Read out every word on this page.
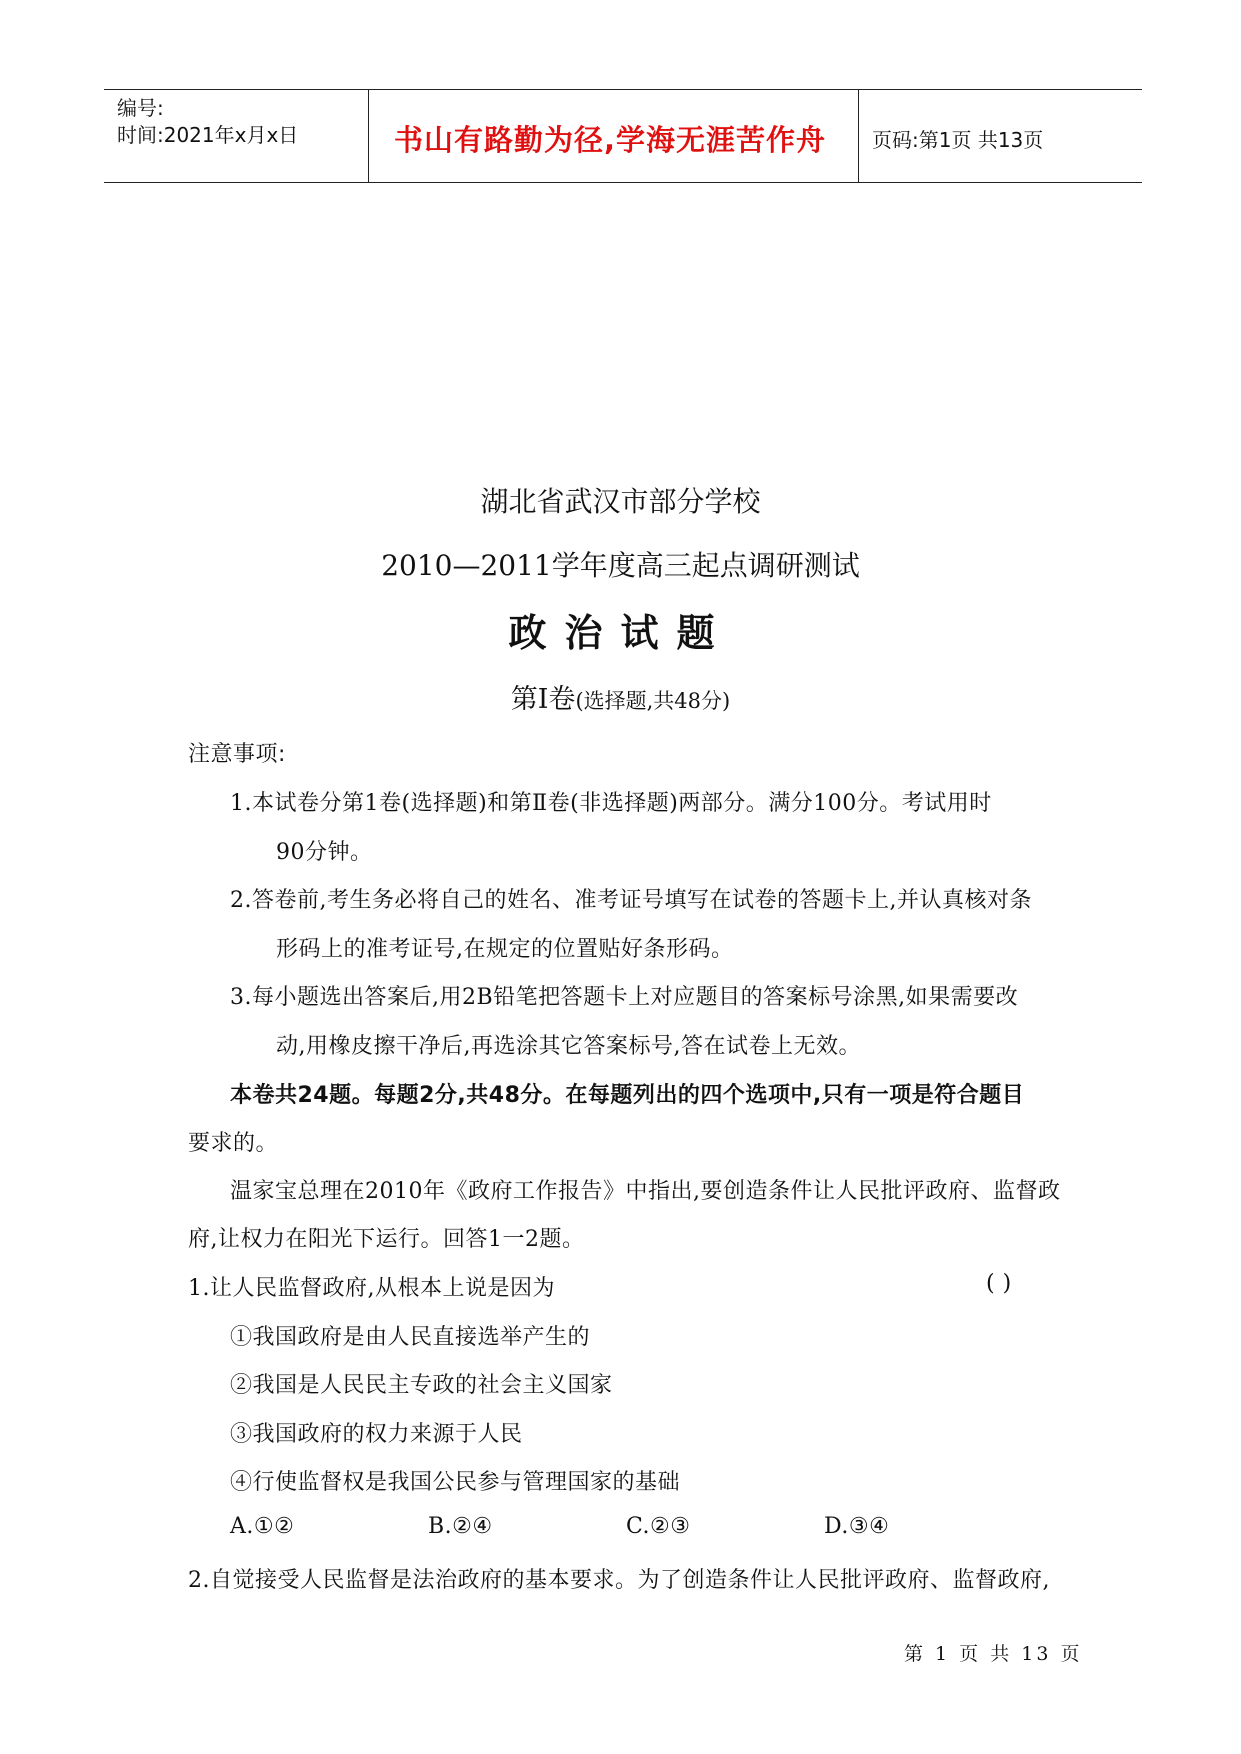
编号:
时间:2021年x月x日	书山有路勤为径,学海无涯苦作舟 页码:第1页 共13页
湖北省武汉市部分学校
2010—2011学年度高三起点调研测试
政治试题
第Ⅰ卷(选择题,共48分)
注意事项:
1.本试卷分第1卷(选择题)和第Ⅱ卷(非选择题)两部分。满分100分。考试用时
90分钟。
2.答卷前,考生务必将自己的姓名、准考证号填写在试卷的答题卡上,并认真核对条
形码上的准考证号,在规定的位置贴好条形码。
3.每小题选出答案后,用2B铅笔把答题卡上对应题目的答案标号涂黑,如果需要改
动,用橡皮擦干净后,再选涂其它答案标号,答在试卷上无效。
本卷共24题。每题2分,共48分。在每题列出的四个选项中,只有一项是符合题目
要求的。
温家宝总理在2010年《政府工作报告》中指出,要创造条件让人民批评政府、监督政
府,让权力在阳光下运行。回答1一2题。
1.让人民监督政府,从根本上说是因为	( )
①我国政府是由人民直接选举产生的
②我国是人民民主专政的社会主义国家
③我国政府的权力来源于人民
④行使监督权是我国公民参与管理国家的基础
A.①②	B.②④	C.②③	D.③④
2.自觉接受人民监督是法治政府的基本要求。为了创造条件让人民批评政府、监督政府,
第 1 页 共 13 页
